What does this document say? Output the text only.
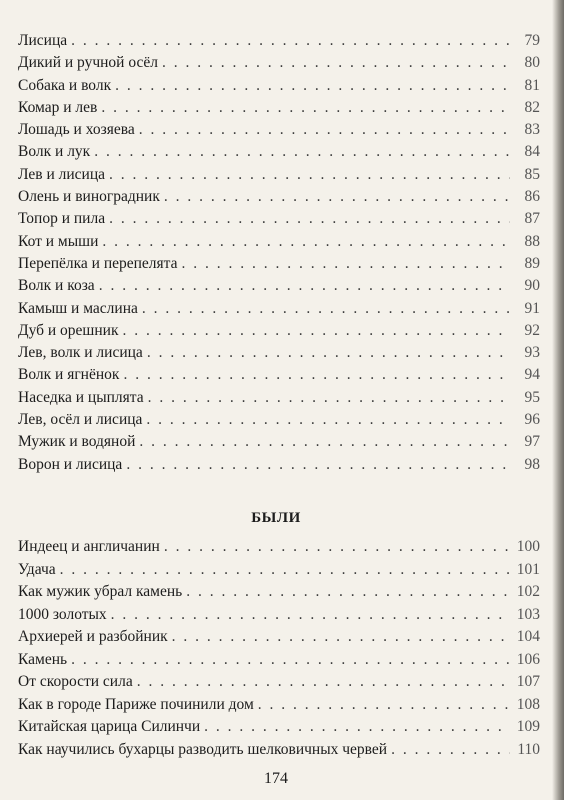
Лисица . . .	79
Дикий и ручной осёл . . .	80
Собака и волк . . .	81
Комар и лев . . .	82
Лошадь и хозяева . . .	83
Волк и лук . . .	84
Лев и лисица . . .	85
Олень и виноградник . . .	86
Топор и пила . . .	87
Кот и мыши . . .	88
Перепёлка и перепелята . . .	89
Волк и коза . . .	90
Камыш и маслина . . .	91
Дуб и орешник . . .	92
Лев, волк и лисица . . .	93
Волк и ягнёнок . . .	94
Наседка и цыплята . . .	95
Лев, осёл и лисица . . .	96
Мужик и водяной . . .	97
Ворон и лисица . . .	98
БЫЛИ
Индеец и англичанин . . .	100
Удача . . .	101
Как мужик убрал камень . . .	102
1000 золотых . . .	103
Архиерей и разбойник . . .	104
Камень . . .	106
От скорости сила . . .	107
Как в городе Париже починили дом . . .	108
Китайская царица Силинчи . . .	109
Как научились бухарцы разводить шелковичных червей . . .	110
174
